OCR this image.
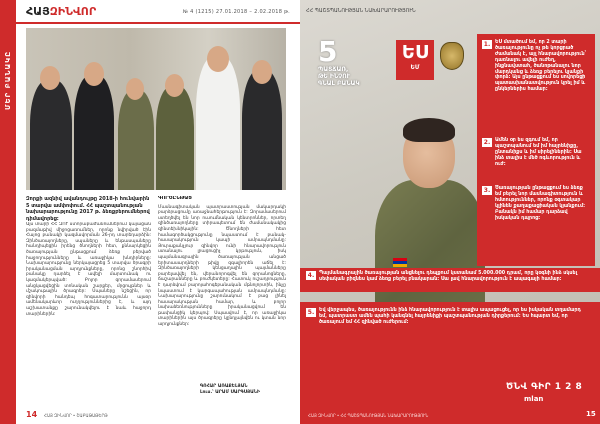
ՄԵՐ ԲԱՆԱԿԸ
ՀԱՅԶԻՆՎՈՐ	№ 4 (1215) 27.01.2018 – 2.02.2018 թ.
Զորքի ազնիվ ավանդույթը 2018-ի հունվարին 5 տարվա ամփոփում. ՀՀ պաշտպանության նախարարությունը 2017 թ. ձեռքբերումներով դիմավորեց:
Այս տարի ՀՀ ԶՈՒ ստորաբաժանումներում կայացան բազմաթիվ միջոցառումներ, որոնք նվիրված էին Հայոց բանակի կազմավորման 26-րդ տարեդարձին: Զինծառայողները, սպաները և ենթասպաները հանդիպեցին իրենց ծնողների հետ, քննարկեցին ծառայության ընթացքում ձեռք բերված հաջողությունները և առաջիկա խնդիրները: Նախարարությունը ներկայացրեց 5 տարվա ծրագրի իրականացման արդյունքները, որոնց շնորհիվ բանակը դարձել է ավելի մարտունակ ու կազմակերպված: Բոլոր զորամասերում անցկացվեցին տոնական շարքեր, մրցույթներ և մշակութային ծրագրեր: Սպաները նշեցին, որ զինվորի հանդեպ հոգատարությունն այսօր ամենակարևոր ուղղություններից է, և այդ աշխատանքը շարունակվելու է նաև հաջորդ տարիներին:
ԳՈՐԾԸՆԹԱՑ
Մասնագիտական պատրաստության մակարդակի բարձրացումը առաջնահերթություն է: Զորամասերում ստեղծվել են նոր ուսումնական կենտրոններ, որտեղ զինծառայողները տիրապետում են ժամանակակից զինտեխնիկային: Ծնողների հետ համագործակցությունը նպաստում է բանակ-հասարակություն կապի ամրապնդմանը: Յուրաքանչյուր զինվոր ունի հնարավորություն ստանալու լրացուցիչ կրթություն, իսկ պայմանագրային ծառայության անցած երիտասարդների թիվը զգալիորեն աճել է: Զինծառայողների կենցաղային պայմանները բարելավվել են, վերանորոգվել են զորանոցները, ճաշարանները և բուժկետերը: Հատուկ ուշադրություն է դարձվում բարոյահոգեբանական մթնոլորտին, ինչը նպաստում է կարգապահության ամրապնդմանը: Նախարարությունը շարունակում է բաց լինել հասարակության համար, և բոլոր նախաձեռնությունները իրականացվում են թափանցիկ կերպով: Սպասվում է, որ առաջիկա տարիներին այս ծրագրերը կընդլայնվեն ու կտան նոր արդյունքներ:
ԳՈՀԱՐ ԱՌԱՔԵԼՅԱՆ
Լուս.՝ ԱՐԱՄ ՍԱՐԳՍՅԱՆԻ
14 ՀԱՅ ԶԻՆՎՈՐ • ՇԱԲԱԹԱԹԵՐԹ
ՀՀ ՊԱՇՏՊԱՆՈՒԹՅԱՆ ՆԱԽԱՐԱՐՈՒԹՅՈՒՆ
5
ՊԱՏՃԱՌ,
ԹԵ ԻՆՉՈՒ
ԳՆԱԼ ԲԱՆԱԿ
ԵՍ
ԵՄ
1. ԵՍ մտածում եմ, որ 2 տարի ծառայությունը ոչ թե կորցրած ժամանակ է, այլ հնարավորություն՝ դառնալու ավելի ուժեղ, ինքնավստահ, ծանոթանալու նոր մարդկանց և ձեռք բերելու կյանքի փորձ: Այս ընթացքում ես սովորեցի պատասխանատվություն կրել իմ և ընկերներիս համար:
2. Ամեն օր ես զգում եմ, որ պաշտպանում եմ իմ հայրենիքը, ընտանիքս և իմ սիրելիներին: Սա ինձ տալիս է մեծ ոգևորություն և ուժ:
3. Ծառայության ընթացքում ես ձեռք եմ բերել նոր մասնագիտություն և հմտություններ, որոնք օգտակար կլինեն քաղաքացիական կյանքում: Բանակն իմ համար դարձավ իսկական դպրոց:
4. Պայմանագրային ծառայության անցնելու դեպքում կստանամ 5.000.000 դրամ, որը կօգնի ինձ սկսել սեփական բիզնես կամ ձեռք բերել բնակարան: Սա լավ հնարավորություն է ապագայի համար:
5. Եվ վերջապես, ծառայությունն ինձ հնարավորություն է տալիս ապացուցել, որ ես իսկական տղամարդ եմ, պատրաստ ամեն պահի կանգնել հայրենիքի պաշտպանության դիրքերում: Ես հպարտ եմ, որ ծառայում եմ ՀՀ զինված ուժերում:
ԾՆՎ ԳԻՐ 1 2 8
mlan
ՀԱՅ ԶԻՆՎՈՐ • ՀՀ ՊԱՇՏՊԱՆՈՒԹՅԱՆ ՆԱԽԱՐԱՐՈՒԹՅՈՒՆ	15
